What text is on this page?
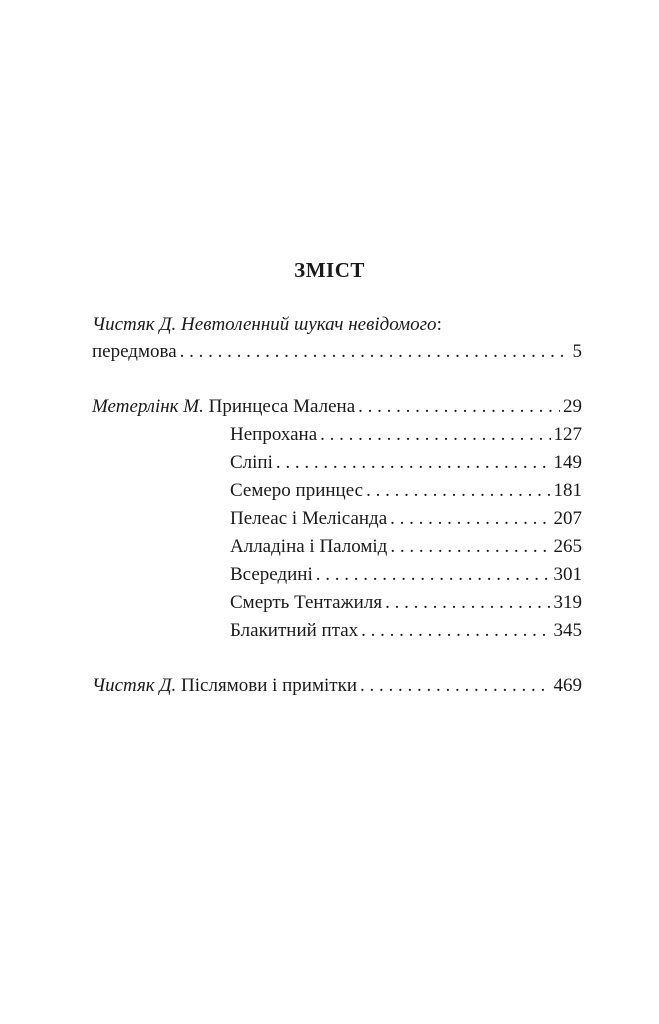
ЗМІСТ
Чистяк Д. Невтоленний шукач невідомого:
передмова . . .	5
Метерлінк М. Принцеса Малена . . .	29
Непрохана . . .	127
Сліпі . . .	149
Семеро принцес . . .	181
Пелеас і Мелісанда . . .	207
Алладіна і Паломід . . .	265
Всередині . . .	301
Смерть Тентажиля . . .	319
Блакитний птах . . .	345
Чистяк Д. Післямови і примітки . . .	469
